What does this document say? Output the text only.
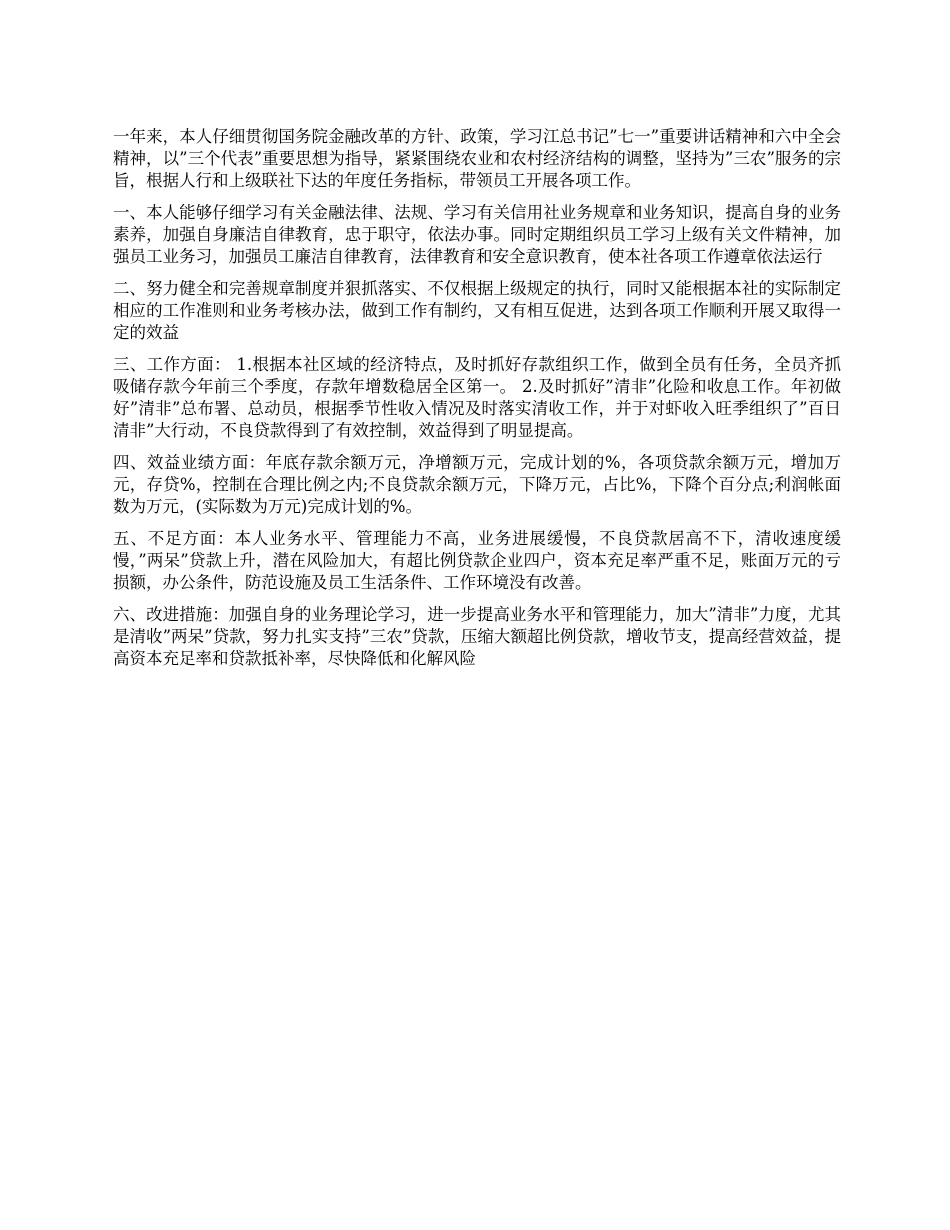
一年来，本人仔细贯彻国务院金融改革的方针、政策，学习江总书记”七一”重要讲话精神和六中全会精神，以”三个代表”重要思想为指导，紧紧围绕农业和农村经济结构的调整，坚持为”三农”服务的宗旨，根据人行和上级联社下达的年度任务指标，带领员工开展各项工作。

一、本人能够仔细学习有关金融法律、法规、学习有关信用社业务规章和业务知识，提高自身的业务素养，加强自身廉洁自律教育，忠于职守，依法办事。同时定期组织员工学习上级有关文件精神，加强员工业务习，加强员工廉洁自律教育，法律教育和安全意识教育，使本社各项工作遵章依法运行

二、努力健全和完善规章制度并狠抓落实、不仅根据上级规定的执行，同时又能根据本社的实际制定相应的工作准则和业务考核办法，做到工作有制约，又有相互促进，达到各项工作顺利开展又取得一定的效益

三、工作方面： 1.根据本社区域的经济特点，及时抓好存款组织工作，做到全员有任务，全员齐抓吸储存款今年前三个季度，存款年增数稳居全区第一。 2.及时抓好”清非”化险和收息工作。年初做好”清非”总布署、总动员，根据季节性收入情况及时落实清收工作，并于对虾收入旺季组织了”百日清非”大行动，不良贷款得到了有效控制，效益得到了明显提高。

四、效益业绩方面：年底存款余额万元，净增额万元，完成计划的%，各项贷款余额万元，增加万元，存贷%，控制在合理比例之内;不良贷款余额万元，下降万元，占比%，下降个百分点;利润帐面数为万元，(实际数为万元)完成计划的%。

五、不足方面：本人业务水平、管理能力不高，业务进展缓慢，不良贷款居高不下，清收速度缓慢，”两呆”贷款上升，潜在风险加大，有超比例贷款企业四户，资本充足率严重不足，账面万元的亏损额，办公条件，防范设施及员工生活条件、工作环境没有改善。

六、改进措施：加强自身的业务理论学习，进一步提高业务水平和管理能力，加大”清非”力度，尤其是清收”两呆”贷款，努力扎实支持”三农”贷款，压缩大额超比例贷款，增收节支，提高经营效益，提高资本充足率和贷款抵补率，尽快降低和化解风险
